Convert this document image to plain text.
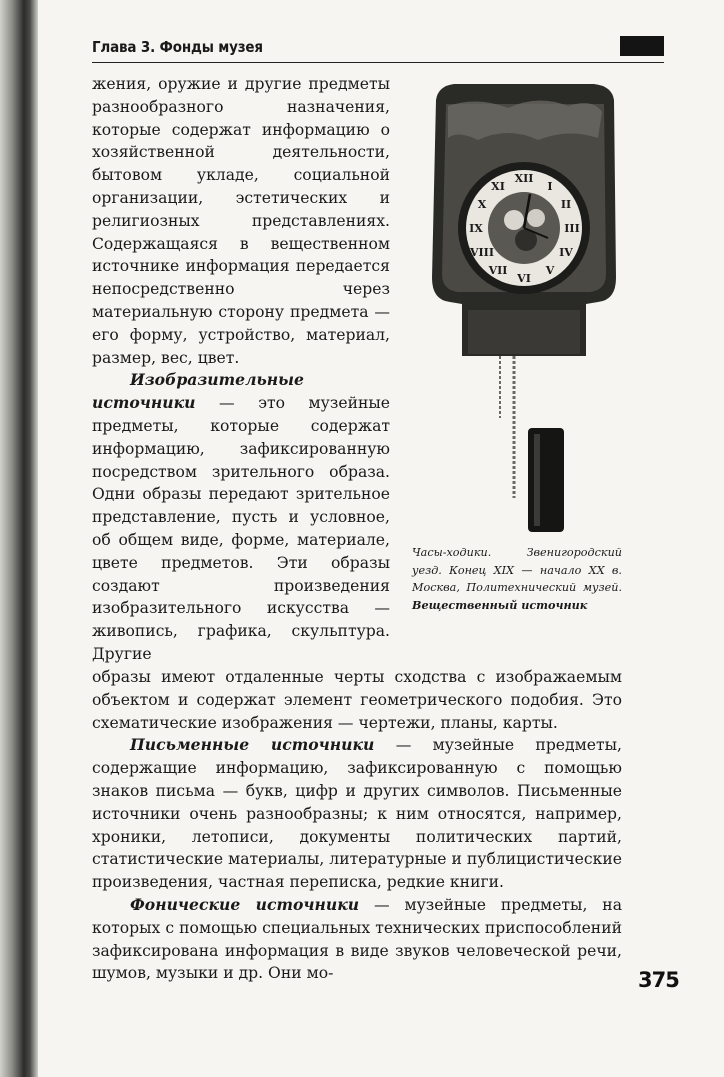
Глава 3. Фонды музея

жения, оружие и другие предметы разнообразного назначения, которые содержат информацию о хозяйственной деятельности, бытовом укладе, социальной организации, эстетических и религиозных представлениях. Содержащаяся в вещественном источнике информация передается непосредственно через материальную сторону предмета — его форму, устройство, материал, размер, вес, цвет.

Изобразительные источники — это музейные предметы, которые содержат информацию, зафиксированную посредством зрительного образа. Одни образы передают зрительное представление, пусть и условное, об общем виде, форме, материале, цвете предметов. Эти образы создают произведения изобразительного искусства — живопись, графика, скульптура. Другие

XII
I
II
III
IV
V
VI
VII
VIII
IX
X
XI
Часы-ходики. Звенигородский уезд. Конец XIX — начало XX в. Москва, Политехнический музей. Вещественный источник

образы имеют отдаленные черты сходства с изображаемым объектом и содержат элемент геометрического подобия. Это схематические изображения — чертежи, планы, карты.

Письменные источники — музейные предметы, содержащие информацию, зафиксированную с помощью знаков письма — букв, цифр и других символов. Письменные источники очень разнообразны; к ним относятся, например, хроники, летописи, документы политических партий, статистические материалы, литературные и публицистические произведения, частная переписка, редкие книги.

Фонические источники — музейные предметы, на которых с помощью специальных технических приспособлений зафиксирована информация в виде звуков человеческой речи, шумов, музыки и др. Они мо-	375
